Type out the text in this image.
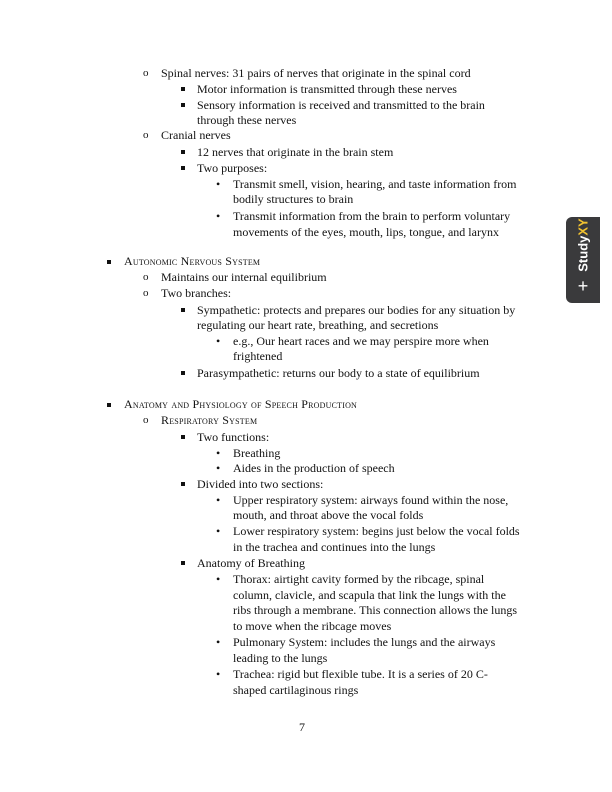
o Spinal nerves: 31 pairs of nerves that originate in the spinal cord
Motor information is transmitted through these nerves
Sensory information is received and transmitted to the brain
through these nerves
o Cranial nerves
12 nerves that originate in the brain stem
Two purposes:
• Transmit smell, vision, hearing, and taste information from
bodily structures to brain
• Transmit information from the brain to perform voluntary
movements of the eyes, mouth, lips, tongue, and larynx
Autonomic Nervous System
o Maintains our internal equilibrium
o Two branches:
Sympathetic: protects and prepares our bodies for any situation by
regulating our heart rate, breathing, and secretions
• e.g., Our heart races and we may perspire more when
frightened
Parasympathetic: returns our body to a state of equilibrium
Anatomy and Physiology of Speech Production
o Respiratory System
Two functions:
• Breathing
• Aides in the production of speech
Divided into two sections:
• Upper respiratory system: airways found within the nose,
mouth, and throat above the vocal folds
• Lower respiratory system: begins just below the vocal folds
in the trachea and continues into the lungs
Anatomy of Breathing
• Thorax: airtight cavity formed by the ribcage, spinal
column, clavicle, and scapula that link the lungs with the
ribs through a membrane. This connection allows the lungs
to move when the ribcage moves
• Pulmonary System: includes the lungs and the airways
leading to the lungs
• Trachea: rigid but flexible tube. It is a series of 20 C-
shaped cartilaginous rings
7
StudyXY
+
